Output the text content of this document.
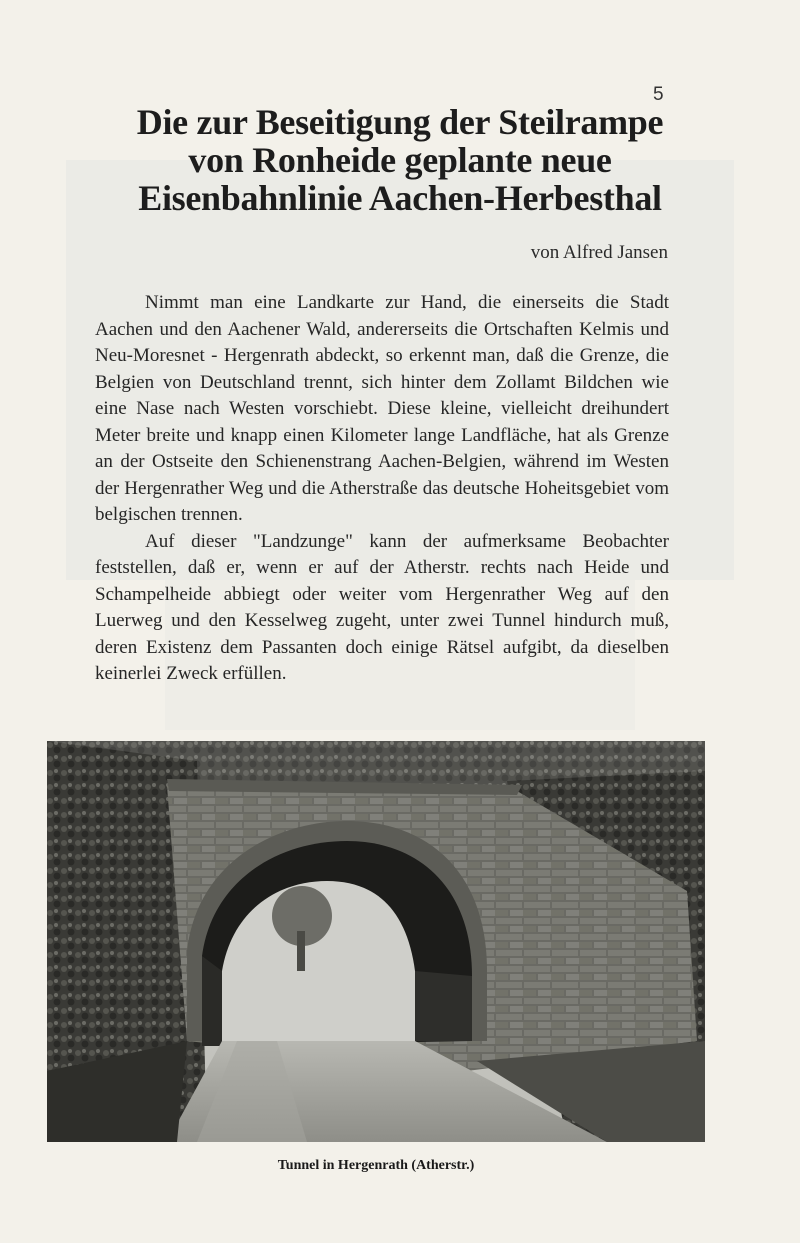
5
Die zur Beseitigung der Steilrampe
von Ronheide geplante neue
Eisenbahnlinie Aachen-Herbesthal
von Alfred Jansen

Nimmt man eine Landkarte zur Hand, die einerseits die Stadt Aachen und den Aachener Wald, andererseits die Ortschaften Kelmis und Neu-Moresnet - Hergenrath abdeckt, so erkennt man, daß die Grenze, die Belgien von Deutschland trennt, sich hinter dem Zollamt Bildchen wie eine Nase nach Westen vorschiebt. Diese kleine, vielleicht dreihundert Meter breite und knapp einen Kilometer lange Landfläche, hat als Grenze an der Ostseite den Schienenstrang Aachen-Belgien, während im Westen der Hergenrather Weg und die Atherstraße das deutsche Hoheitsgebiet vom belgischen trennen.

Auf dieser "Landzunge" kann der aufmerksame Beobachter feststellen, daß er, wenn er auf der Atherstr. rechts nach Heide und Schampelheide abbiegt oder weiter vom Hergenrather Weg auf den Luerweg und den Kesselweg zugeht, unter zwei Tunnel hindurch muß, deren Existenz dem Passanten doch einige Rätsel aufgibt, da dieselben keinerlei Zweck erfüllen.

Tunnel in Hergenrath (Atherstr.)
